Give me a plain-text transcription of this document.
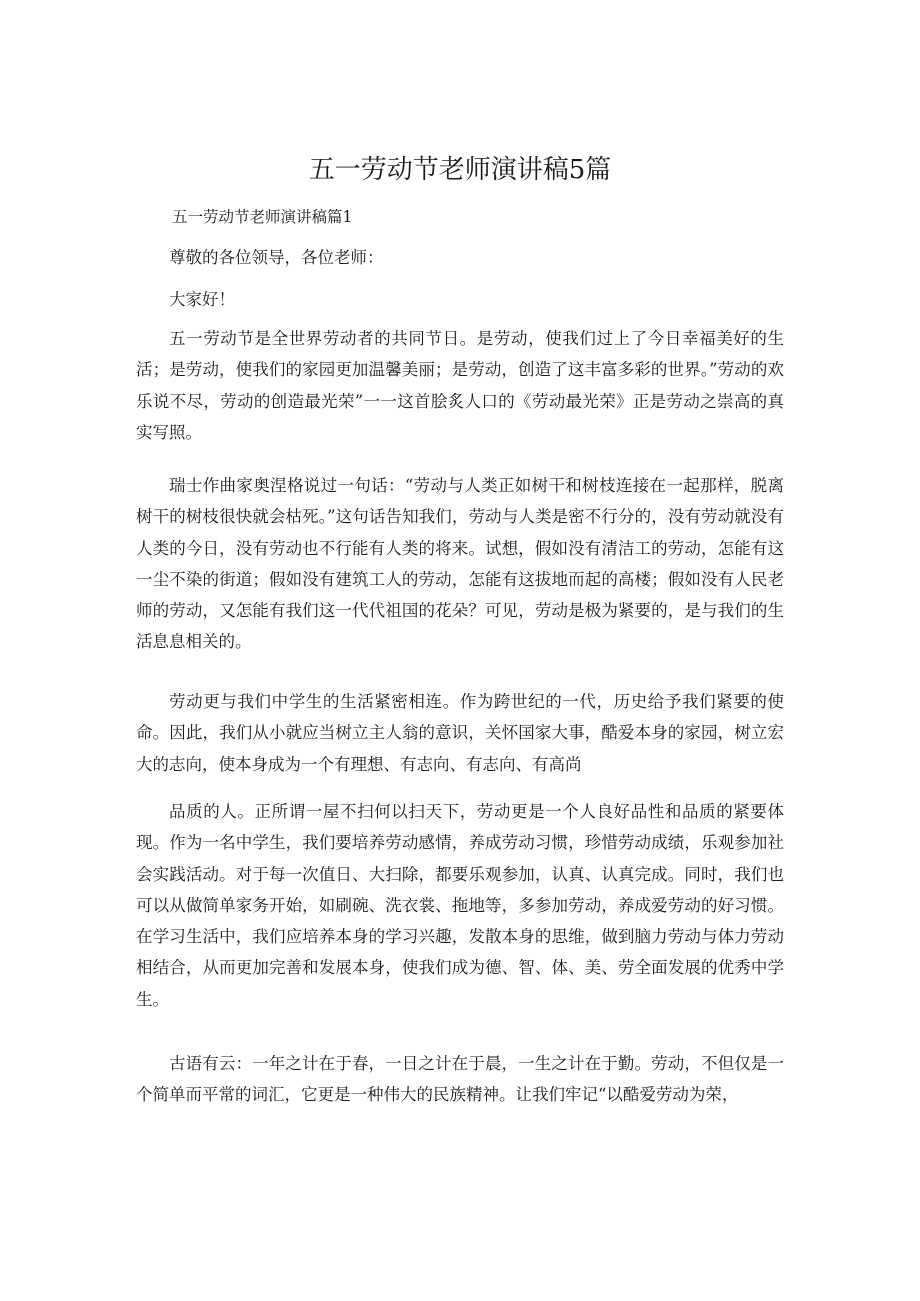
五一劳动节老师演讲稿5篇

五一劳动节老师演讲稿篇1

尊敬的各位领导，各位老师：

大家好！

五一劳动节是全世界劳动者的共同节日。是劳动，使我们过上了今日幸福美好的生活；是劳动，使我们的家园更加温馨美丽；是劳动，创造了这丰富多彩的世界。”劳动的欢乐说不尽，劳动的创造最光荣”一一这首脍炙人口的《劳动最光荣》正是劳动之崇高的真实写照。

瑞士作曲家奥涅格说过一句话：“劳动与人类正如树干和树枝连接在一起那样，脱离树干的树枝很快就会枯死。”这句话告知我们，劳动与人类是密不行分的，没有劳动就没有人类的今日，没有劳动也不行能有人类的将来。试想，假如没有清洁工的劳动，怎能有这一尘不染的街道；假如没有建筑工人的劳动，怎能有这拔地而起的高楼；假如没有人民老师的劳动，又怎能有我们这一代代祖国的花朵？可见，劳动是极为紧要的，是与我们的生活息息相关的。

劳动更与我们中学生的生活紧密相连。作为跨世纪的一代，历史给予我们紧要的使命。因此，我们从小就应当树立主人翁的意识，关怀国家大事，酷爱本身的家园，树立宏大的志向，使本身成为一个有理想、有志向、有志向、有高尚

品质的人。正所谓一屋不扫何以扫天下，劳动更是一个人良好品性和品质的紧要体现。作为一名中学生，我们要培养劳动感情，养成劳动习惯，珍惜劳动成绩，乐观参加社会实践活动。对于每一次值日、大扫除，都要乐观参加，认真、认真完成。同时，我们也可以从做简单家务开始，如刷碗、洗衣裳、拖地等，多参加劳动，养成爱劳动的好习惯。在学习生活中，我们应培养本身的学习兴趣，发散本身的思维，做到脑力劳动与体力劳动相结合，从而更加完善和发展本身，使我们成为德、智、体、美、劳全面发展的优秀中学生。

古语有云：一年之计在于春，一日之计在于晨，一生之计在于勤。劳动，不但仅是一个简单而平常的词汇，它更是一种伟大的民族精神。让我们牢记“以酷爱劳动为荣，
